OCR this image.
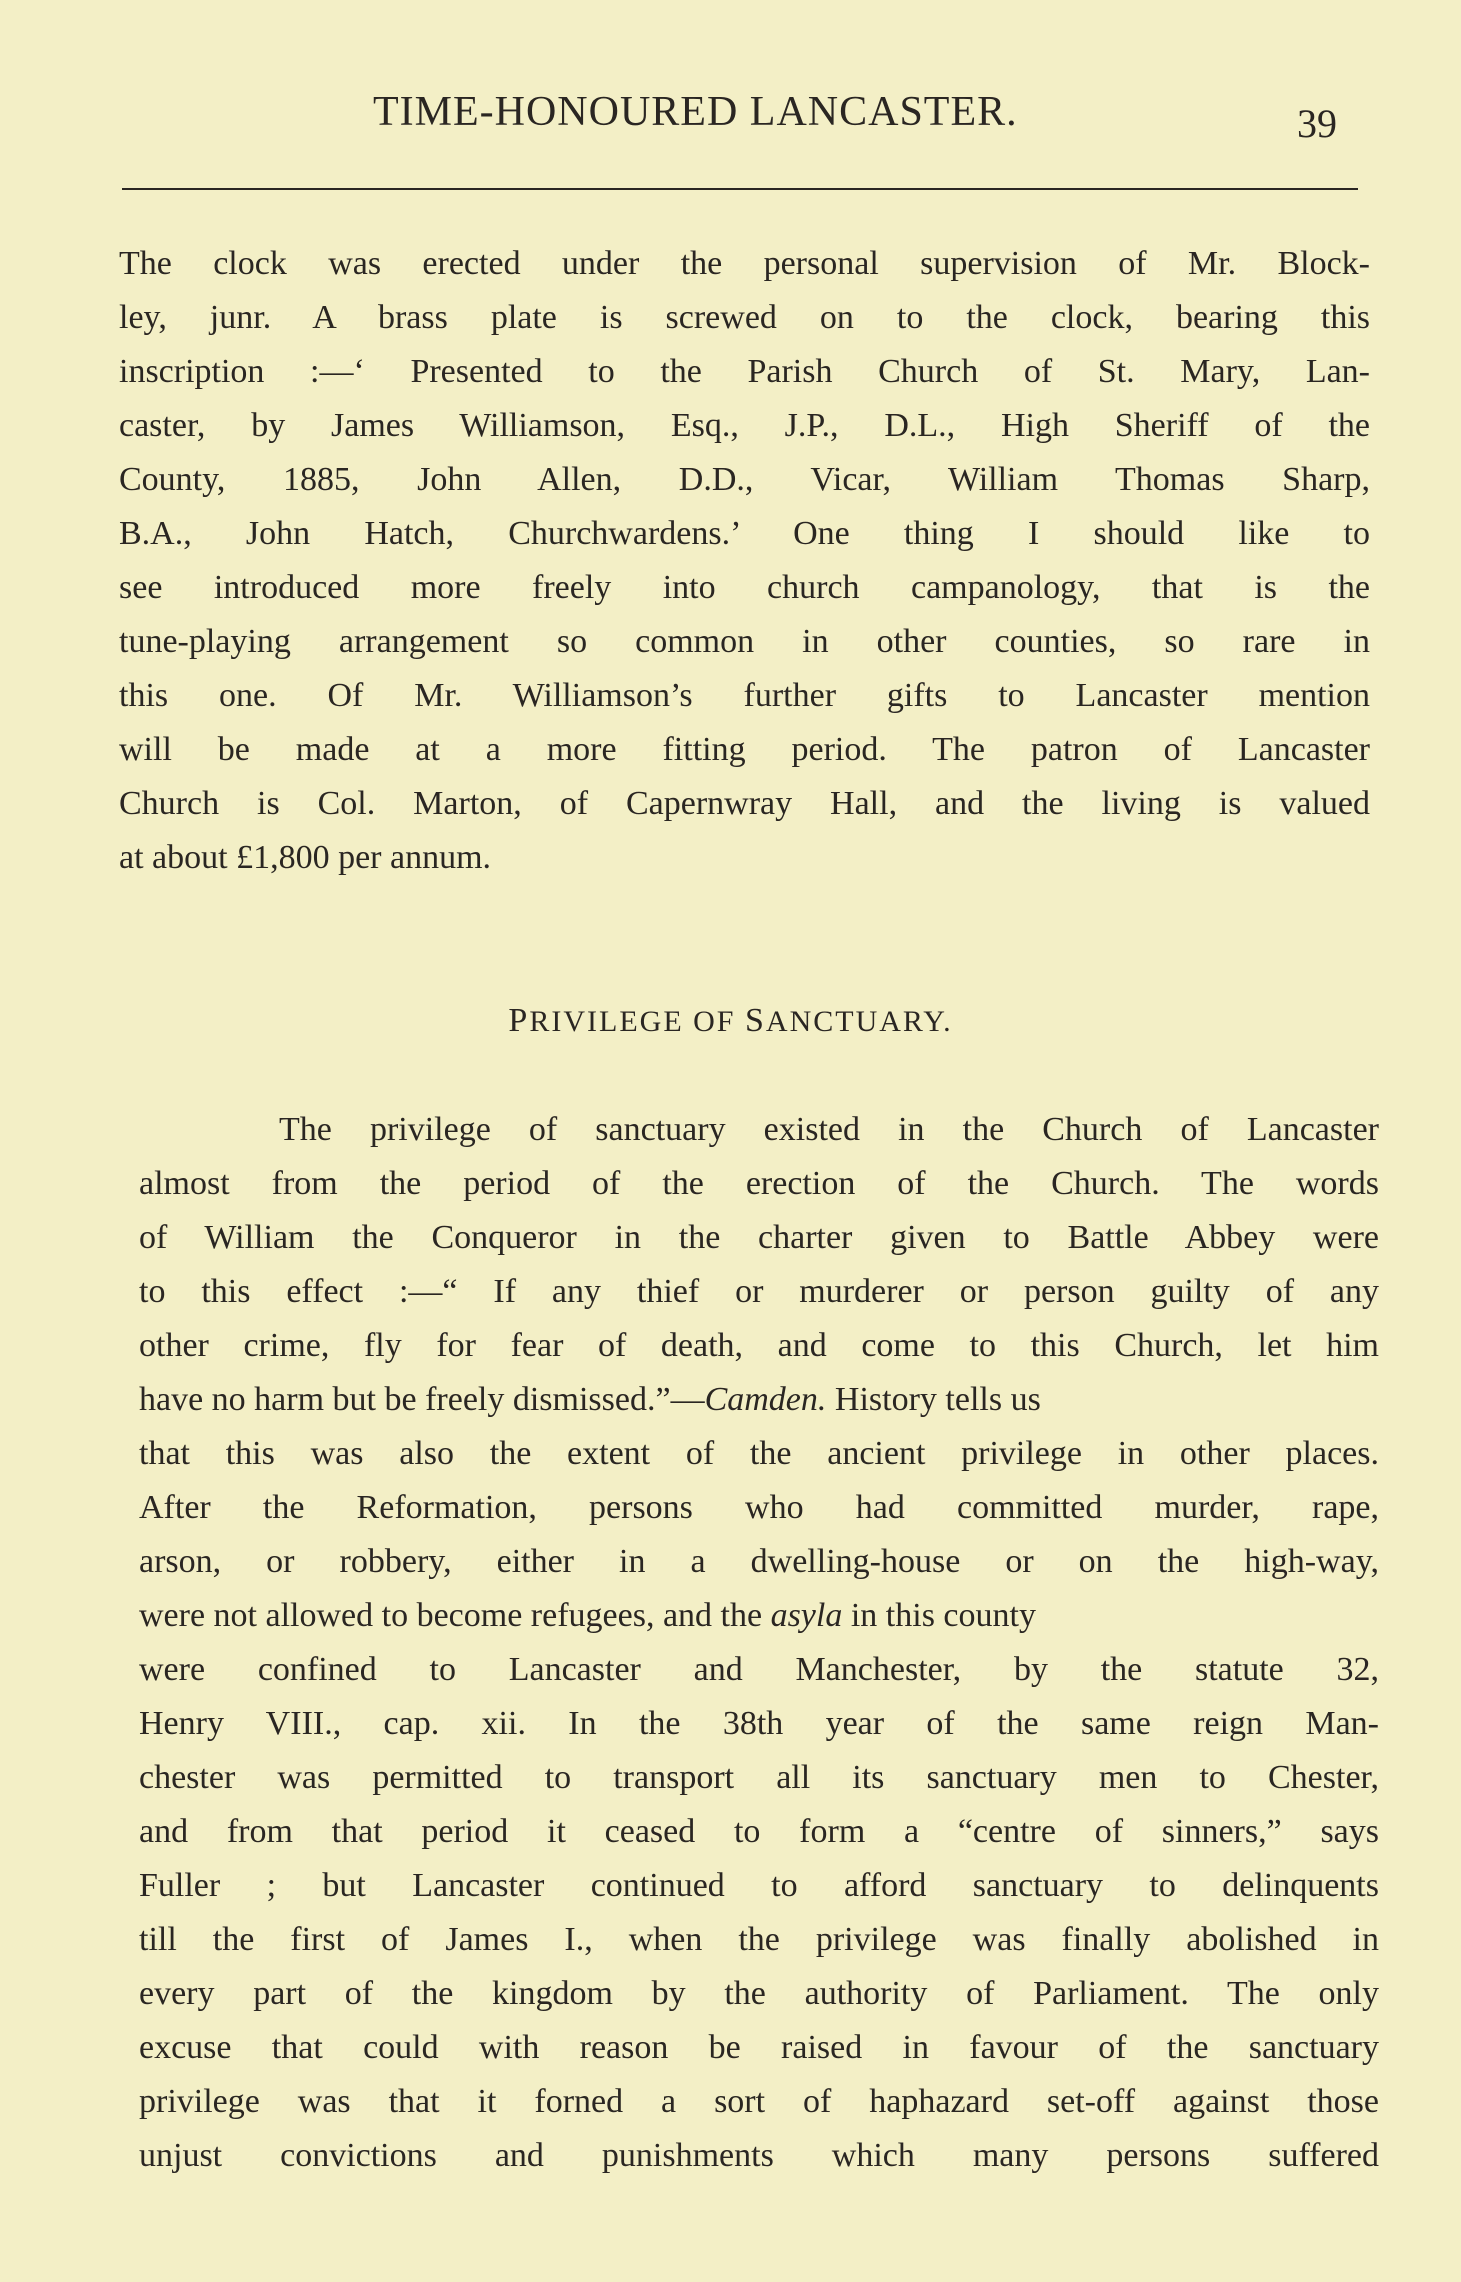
TIME-HONOURED LANCASTER.	39
The clock was erected under the personal supervision of Mr. Block-
ley, junr. A brass plate is screwed on to the clock, bearing this
inscription :—‘ Presented to the Parish Church of St. Mary, Lan-
caster, by James Williamson, Esq., J.P., D.L., High Sheriff of the
County, 1885, John Allen, D.D., Vicar, William Thomas Sharp,
B.A., John Hatch, Churchwardens.’ One thing I should like to
see introduced more freely into church campanology, that is the
tune-playing arrangement so common in other counties, so rare in
this one. Of Mr. Williamson’s further gifts to Lancaster mention
will be made at a more fitting period. The patron of Lancaster
Church is Col. Marton, of Capernwray Hall, and the living is valued
at about £1,800 per annum.
PRIVILEGE OF SANCTUARY.
The privilege of sanctuary existed in the Church of Lancaster
almost from the period of the erection of the Church. The words
of William the Conqueror in the charter given to Battle Abbey were
to this effect :—“ If any thief or murderer or person guilty of any
other crime, fly for fear of death, and come to this Church, let him
have no harm but be freely dismissed.”—Camden. History tells us
that this was also the extent of the ancient privilege in other places.
After the Reformation, persons who had committed murder, rape,
arson, or robbery, either in a dwelling-house or on the high-way,
were not allowed to become refugees, and the asyla in this county
were confined to Lancaster and Manchester, by the statute 32,
Henry VIII., cap. xii. In the 38th year of the same reign Man-
chester was permitted to transport all its sanctuary men to Chester,
and from that period it ceased to form a “centre of sinners,” says
Fuller ; but Lancaster continued to afford sanctuary to delinquents
till the first of James I., when the privilege was finally abolished in
every part of the kingdom by the authority of Parliament. The only
excuse that could with reason be raised in favour of the sanctuary
privilege was that it forned a sort of haphazard set-off against those
unjust convictions and punishments which many persons suffered
